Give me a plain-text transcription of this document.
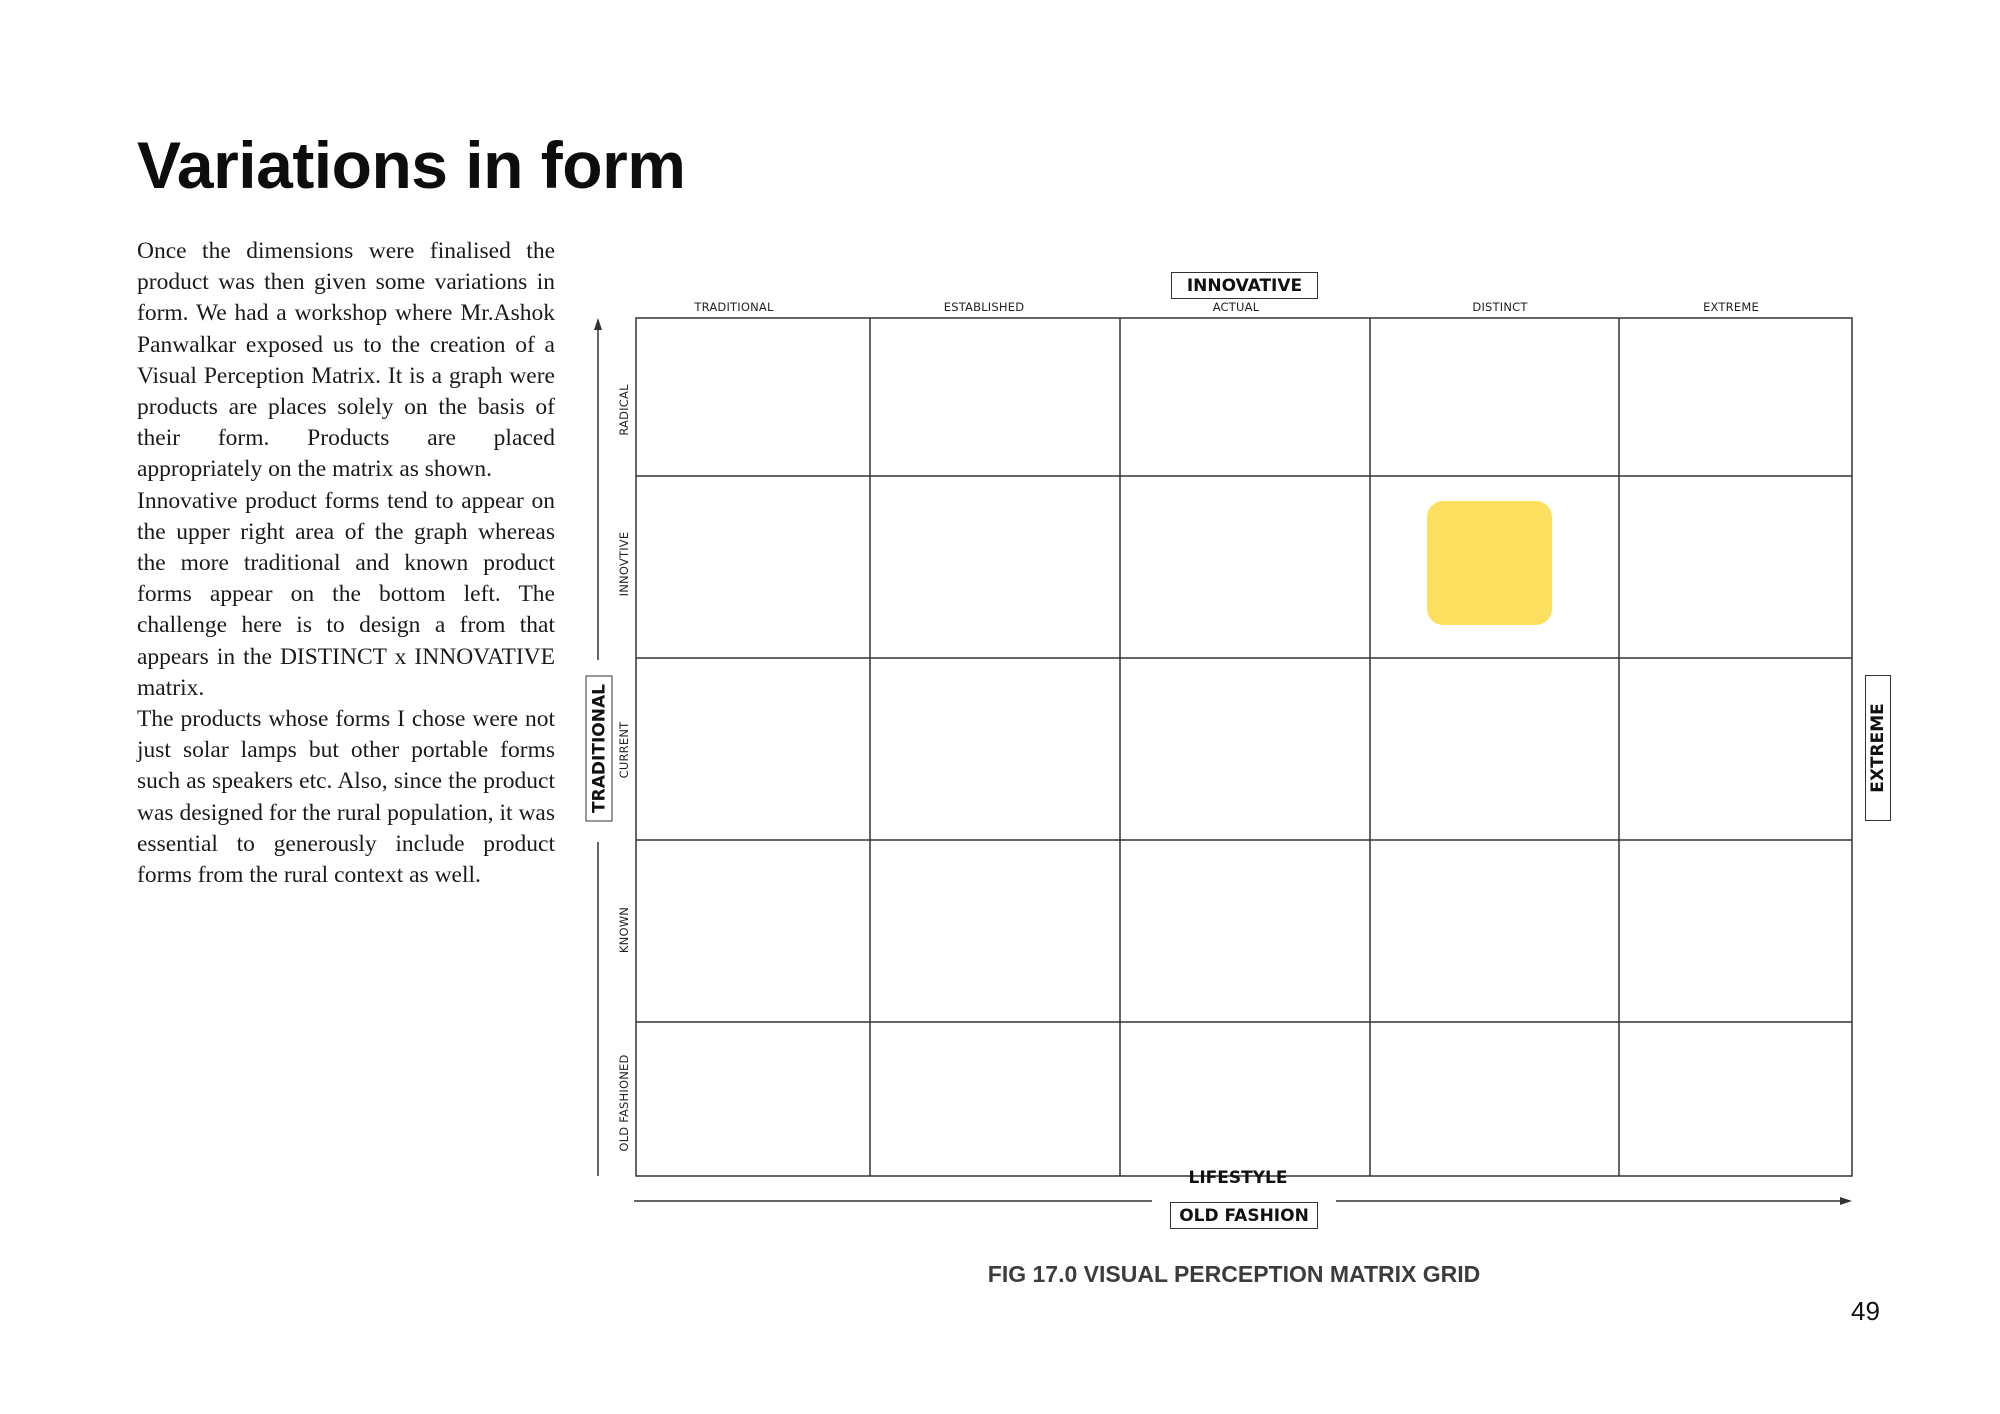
Variations in form

Once the dimensions were finalised the product was then given some variations in form. We had a workshop where Mr.Ashok Panwalkar exposed us to the creation of a Visual Perception Matrix. It is a graph were products are places solely on the basis of their form. Products are placed appropriately on the matrix as shown.

Innovative product forms tend to appear on the upper right area of the graph whereas the more traditional and known product forms appear on the bottom left. The challenge here is to design a from that appears in the DISTINCT x INNOVATIVE matrix.

The products whose forms I chose were not just solar lamps but other portable forms such as speakers etc. Also, since the product was designed for the rural population, it was essential to generously include product forms from the rural context as well.

INNOVATIVE
TRADITIONAL	ESTABLISHED	ACTUAL	DISTINCT	EXTREME
RADICAL
INNOVTIVE
CURRENT
KNOWN
OLD FASHIONED
TRADITIONAL	EXTREME
LIFESTYLE
OLD FASHION
FIG 17.0 VISUAL PERCEPTION MATRIX GRID
49
